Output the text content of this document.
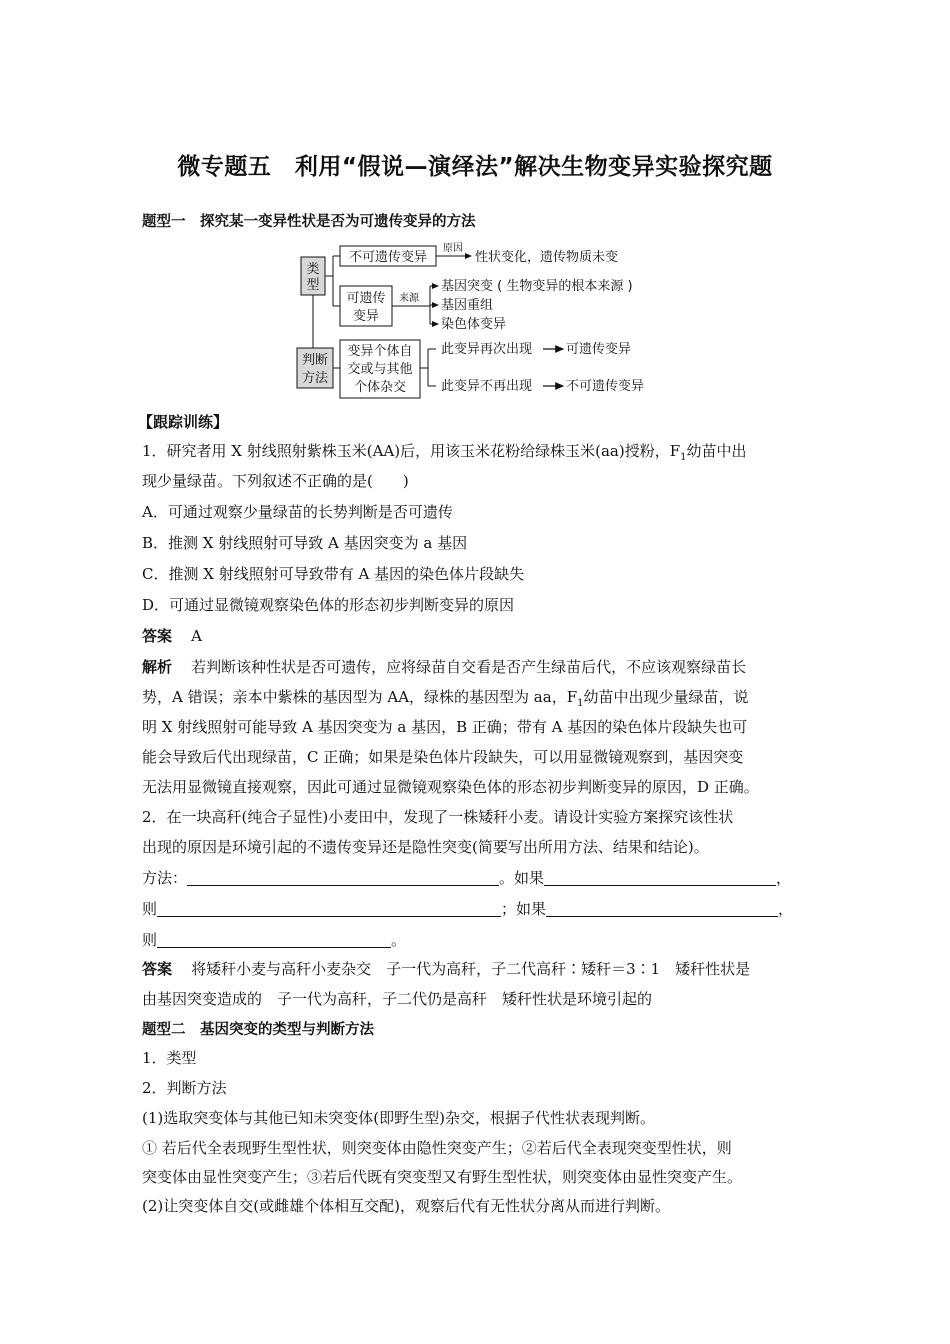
微专题五　利用“假说—演绎法”解决生物变异实验探究题
题型一　探究某一变异性状是否为可遗传变异的方法
类
型
不可遗传变异
原因
性状变化，遗传物质未变
可遗传
变异
来源
基因突变 ( 生物变异的根本来源 )
基因重组
染色体变异
判断
方法
变异个体自
交或与其他
个体杂交
此变异再次出现	可遗传变异
此变异不再出现	不可遗传变异
【跟踪训练】
1．研究者用 X 射线照射紫株玉米(AA)后，用该玉米花粉给绿株玉米(aa)授粉，$F_1$幼苗中出
现少量绿苗。下列叙述不正确的是(　　)
A．可通过观察少量绿苗的长势判断是否可遗传
B．推测 X 射线照射可导致 A 基因突变为 a 基因
C．推测 X 射线照射可导致带有 A 基因的染色体片段缺失
D．可通过显微镜观察染色体的形态初步判断变异的原因
答案 A
解析 若判断该种性状是否可遗传，应将绿苗自交看是否产生绿苗后代，不应该观察绿苗长
势，A 错误；亲本中紫株的基因型为 AA，绿株的基因型为 aa，$F_1$幼苗中出现少量绿苗，说
明 X 射线照射可能导致 A 基因突变为 a 基因，B 正确；带有 A 基因的染色体片段缺失也可
能会导致后代出现绿苗，C 正确；如果是染色体片段缺失，可以用显微镜观察到，基因突变
无法用显微镜直接观察，因此可通过显微镜观察染色体的形态初步判断变异的原因，D 正确。
2．在一块高秆(纯合子显性)小麦田中，发现了一株矮秆小麦。请设计实验方案探究该性状
出现的原因是环境引起的不遗传变异还是隐性突变(简要写出所用方法、结果和结论)。
方法：	。如果	，
则	；如果	，
则	。
答案 将矮秆小麦与高秆小麦杂交　子一代为高秆，子二代高秆∶矮秆＝3∶1　矮秆性状是
由基因突变造成的　子一代为高秆，子二代仍是高秆　矮秆性状是环境引起的
题型二　基因突变的类型与判断方法
1．类型
2．判断方法
(1)选取突变体与其他已知未突变体(即野生型)杂交，根据子代性状表现判断。
① 若后代全表现野生型性状，则突变体由隐性突变产生；②若后代全表现突变型性状，则
突变体由显性突变产生；③若后代既有突变型又有野生型性状，则突变体由显性突变产生。
(2)让突变体自交(或雌雄个体相互交配)，观察后代有无性状分离从而进行判断。
